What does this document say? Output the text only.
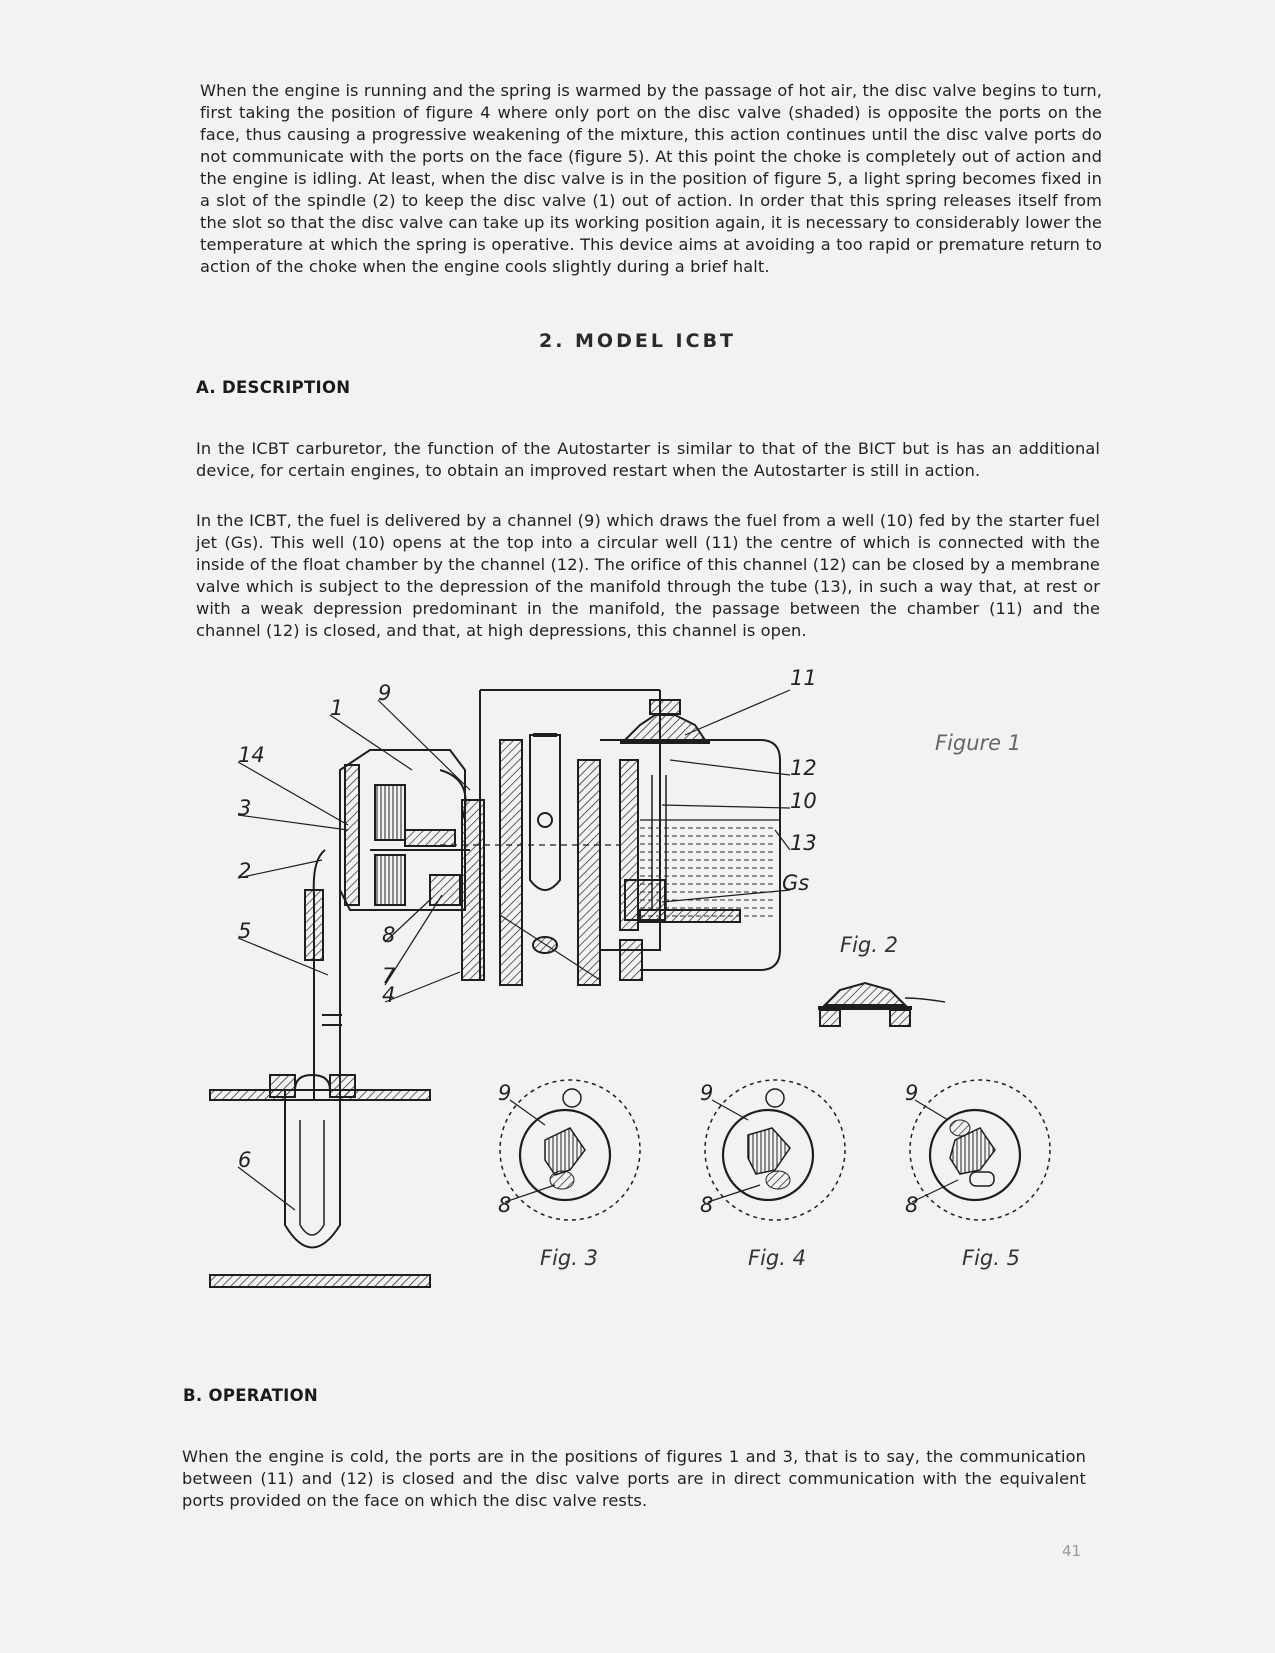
When the engine is running and the spring is warmed by the passage of hot air, the disc valve begins to turn, first taking the position of figure 4 where only port on the disc valve (shaded) is opposite the ports on the face, thus causing a progressive weakening of the mixture, this action continues until the disc valve ports do not communicate with the ports on the face (figure 5). At this point the choke is completely out of action and the engine is idling. At least, when the disc valve is in the position of figure 5, a light spring becomes fixed in a slot of the spindle (2) to keep the disc valve (1) out of action. In order that this spring releases itself from the slot so that the disc valve can take up its working position again, it is necessary to considerably lower the temperature at which the spring is operative. This device aims at avoiding a too rapid or premature return to action of the choke when the engine cools slightly during a brief halt.

2. MODEL ICBT
A. DESCRIPTION

In the ICBT carburetor, the function of the Autostarter is similar to that of the BICT but is has an additional device, for certain engines, to obtain an improved restart when the Autostarter is still in action.

In the ICBT, the fuel is delivered by a channel (9) which draws the fuel from a well (10) fed by the starter fuel jet (Gs). This well (10) opens at the top into a circular well (11) the centre of which is connected with the inside of the float chamber by the channel (12). The orifice of this channel (12) can be closed by a membrane valve which is subject to the depression of the manifold through the tube (13), in such a way that, at rest or with a weak depression predominant in the manifold, the passage between the chamber (11) and the channel (12) is closed, and that, at high depressions, this channel is open.

14
1
9
11
3
12
10
2
13
Gs
5	8
7
4
6
9
8
9
8
9
8
Figure 1
Fig. 2
Fig. 3	Fig. 4	Fig. 5
B. OPERATION

When the engine is cold, the ports are in the positions of figures 1 and 3, that is to say, the communication between (11) and (12) is closed and the disc valve ports are in direct communication with the equivalent ports provided on the face on which the disc valve rests.

41
